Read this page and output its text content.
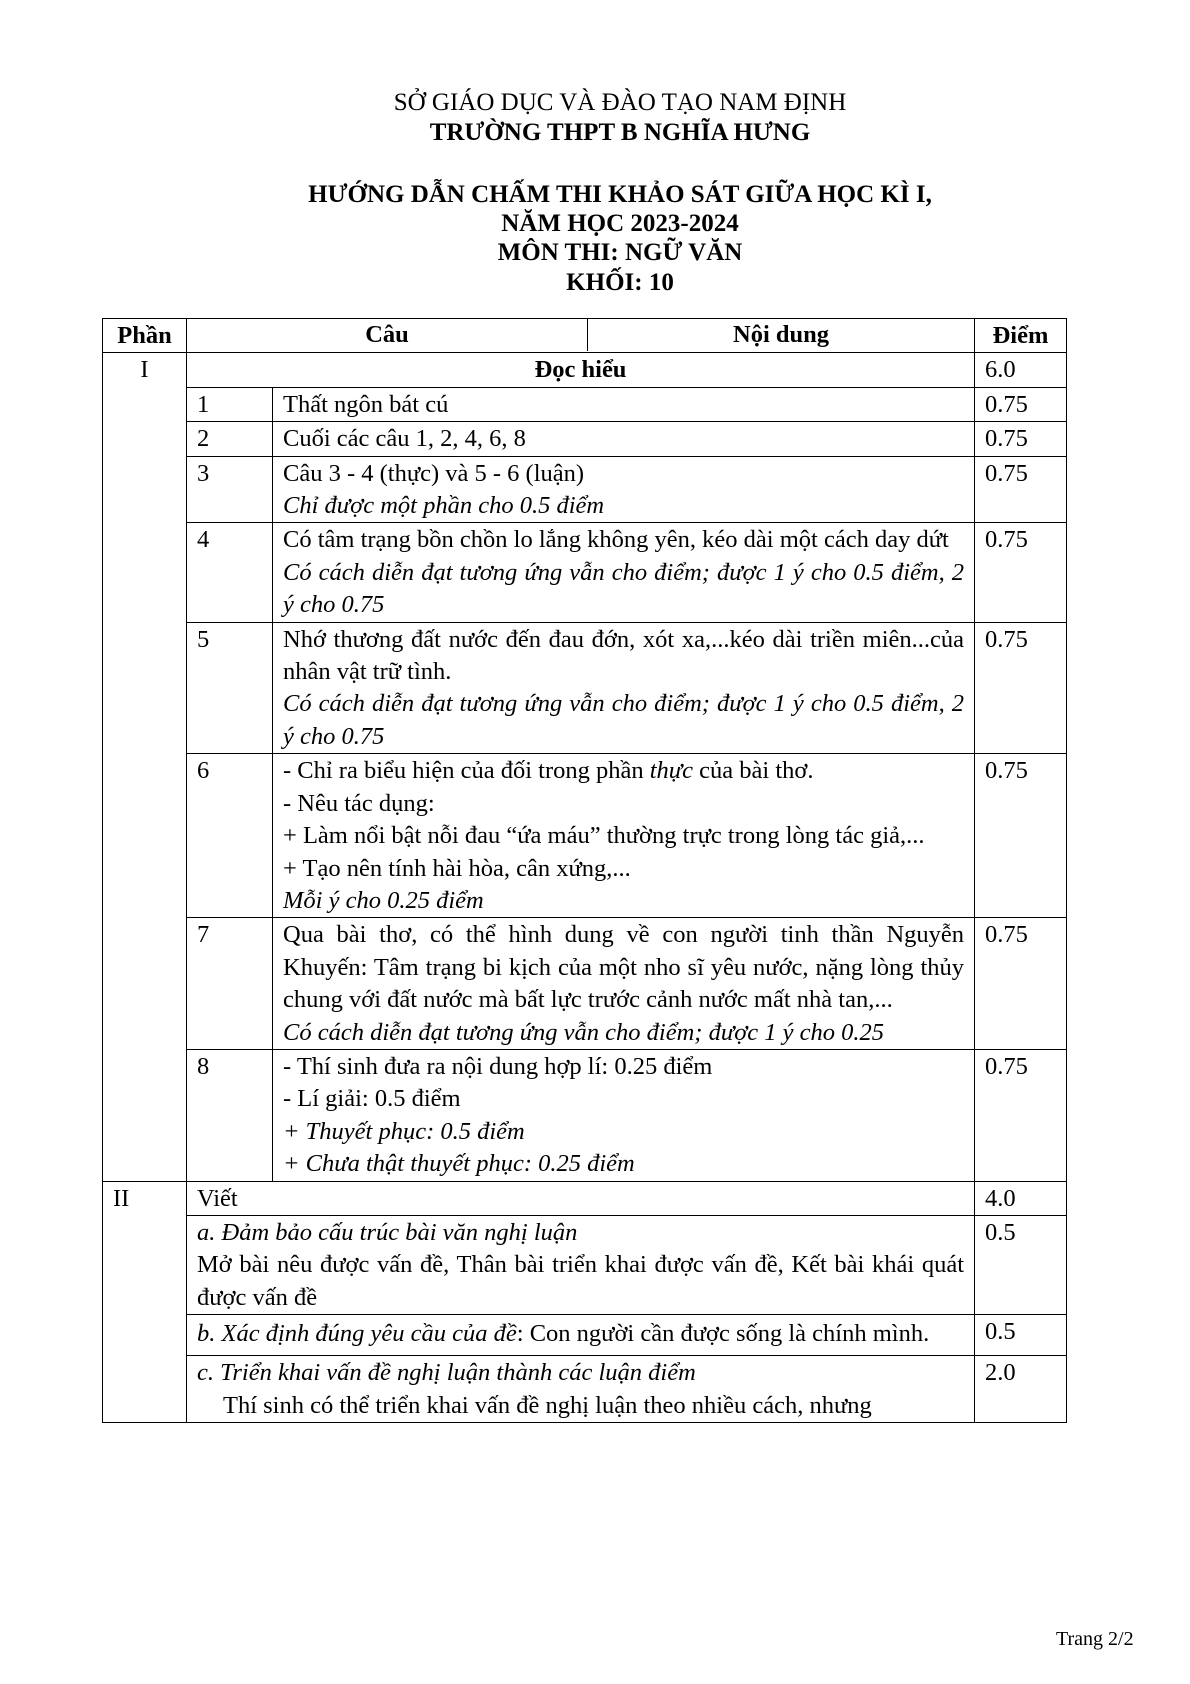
SỞ GIÁO DỤC VÀ ĐÀO TẠO NAM ĐỊNH
TRƯỜNG THPT B NGHĨA HƯNG
HƯỚNG DẪN CHẤM THI KHẢO SÁT GIỮA HỌC KÌ I,
NĂM HỌC 2023-2024
MÔN THI: NGỮ VĂN
KHỐI: 10
Phần	Câu Nội dung		Điểm
I	Đọc hiểu		6.0
	1	Thất ngôn bát cú	0.75
	2	Cuối các câu 1, 2, 4, 6, 8	0.75
	3	Câu 3 - 4 (thực) và 5 - 6 (luận)
Chỉ được một phần cho 0.5 điểm	0.75
	4	Có tâm trạng bồn chồn lo lắng không yên, kéo dài một cách day dứt
Có cách diễn đạt tương ứng vẫn cho điểm; được 1 ý cho 0.5 điểm, 2 ý cho 0.75	0.75
	5	Nhớ thương đất nước đến đau đớn, xót xa,...kéo dài triền miên...của nhân vật trữ tình.
Có cách diễn đạt tương ứng vẫn cho điểm; được 1 ý cho 0.5 điểm, 2 ý cho 0.75	0.75
	6	- Chỉ ra biểu hiện của đối trong phần thực của bài thơ.
- Nêu tác dụng:
+ Làm nổi bật nỗi đau “ứa máu” thường trực trong lòng tác giả,...
+ Tạo nên tính hài hòa, cân xứng,...
Mỗi ý cho 0.25 điểm	0.75
	7	Qua bài thơ, có thể hình dung về con người tinh thần Nguyễn Khuyến: Tâm trạng bi kịch của một nho sĩ yêu nước, nặng lòng thủy chung với đất nước mà bất lực trước cảnh nước mất nhà tan,...
Có cách diễn đạt tương ứng vẫn cho điểm; được 1 ý cho 0.25	0.75
	8	- Thí sinh đưa ra nội dung hợp lí: 0.25 điểm
- Lí giải: 0.5 điểm
+ Thuyết phục: 0.5 điểm
+ Chưa thật thuyết phục: 0.25 điểm	0.75
II	Viết		4.0

	a. Đảm bảo cấu trúc bài văn nghị luận
Mở bài nêu được vấn đề, Thân bài triển khai được vấn đề, Kết bài khái quát được vấn đề		0.5
	b. Xác định đúng yêu cầu của đề: Con người cần được sống là chính mình.		0.5

	c. Triển khai vấn đề nghị luận thành các luận điểm
Thí sinh có thể triển khai vấn đề nghị luận theo nhiều cách, nhưng		2.0
Trang 2/2
